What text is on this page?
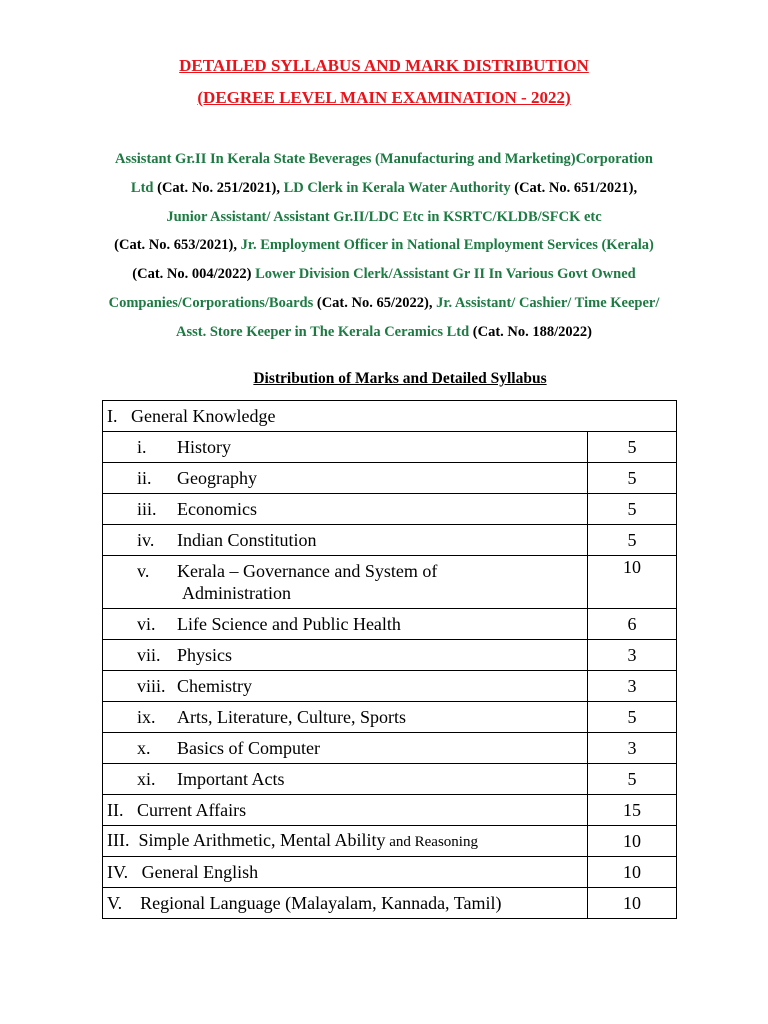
DETAILED SYLLABUS AND MARK DISTRIBUTION
(DEGREE LEVEL MAIN EXAMINATION - 2022)
Assistant Gr.II In Kerala State Beverages (Manufacturing and Marketing)Corporation
Ltd (Cat. No. 251/2021), LD Clerk in Kerala Water Authority (Cat. No. 651/2021),
Junior Assistant/ Assistant Gr.II/LDC Etc in KSRTC/KLDB/SFCK etc
(Cat. No. 653/2021), Jr. Employment Officer in National Employment Services (Kerala)
(Cat. No. 004/2022) Lower Division Clerk/Assistant Gr II In Various Govt Owned
Companies/Corporations/Boards (Cat. No. 65/2022), Jr. Assistant/ Cashier/ Time Keeper/
Asst. Store Keeper in The Kerala Ceramics Ltd (Cat. No. 188/2022)
Distribution of Marks and Detailed Syllabus
I.   General Knowledge	
i. History	5
ii. Geography	5
iii. Economics	5
iv. Indian Constitution	5
v. Kerala – Governance and System of
Administration	10
vi. Life Science and Public Health	6
vii. Physics	3
viii. Chemistry	3
ix. Arts, Literature, Culture, Sports	5
x. Basics of Computer	3
xi. Important Acts	5
II.   Current Affairs	15
III.  Simple Arithmetic, Mental Ability and Reasoning	10
IV.   General English	10
V.    Regional Language (Malayalam, Kannada, Tamil)	10
